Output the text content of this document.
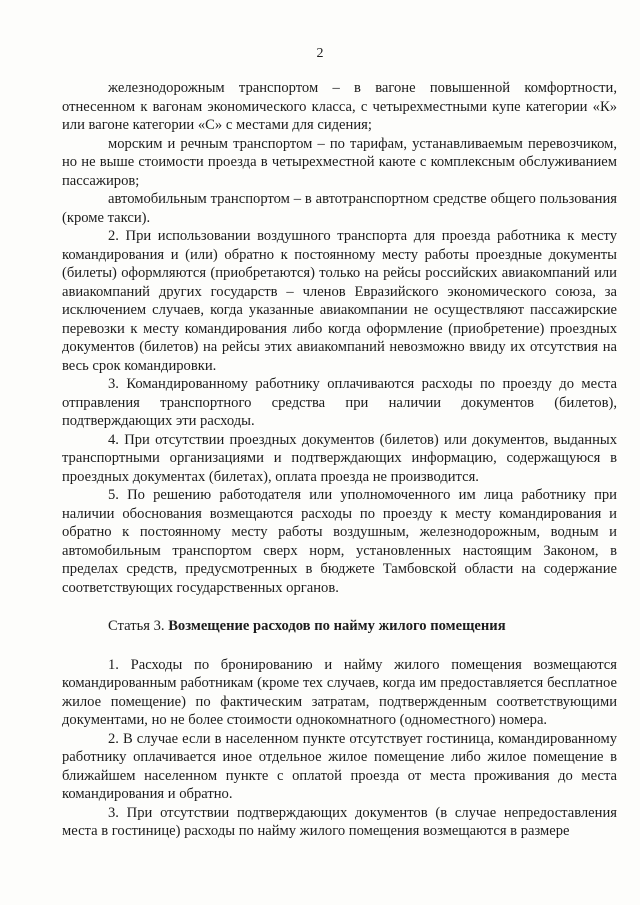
2

железнодорожным транспортом – в вагоне повышенной комфортности, отнесенном к вагонам экономического класса, с четырехместными купе категории «К» или вагоне категории «С» с местами для сидения;

морским и речным транспортом – по тарифам, устанавливаемым перевозчиком, но не выше стоимости проезда в четырехместной каюте с комплексным обслуживанием пассажиров;

автомобильным транспортом – в автотранспортном средстве общего пользования (кроме такси).

2. При использовании воздушного транспорта для проезда работника к месту командирования и (или) обратно к постоянному месту работы проездные документы (билеты) оформляются (приобретаются) только на рейсы российских авиакомпаний или авиакомпаний других государств – членов Евразийского экономического союза, за исключением случаев, когда указанные авиакомпании не осуществляют пассажирские перевозки к месту командирования либо когда оформление (приобретение) проездных документов (билетов) на рейсы этих авиакомпаний невозможно ввиду их отсутствия на весь срок командировки.

3. Командированному работнику оплачиваются расходы по проезду до места отправления транспортного средства при наличии документов (билетов), подтверждающих эти расходы.

4. При отсутствии проездных документов (билетов) или документов, выданных транспортными организациями и подтверждающих информацию, содержащуюся в проездных документах (билетах), оплата проезда не производится.

5. По решению работодателя или уполномоченного им лица работнику при наличии обоснования возмещаются расходы по проезду к месту командирования и обратно к постоянному месту работы воздушным, железнодорожным, водным и автомобильным транспортом сверх норм, установленных настоящим Законом, в пределах средств, предусмотренных в бюджете Тамбовской области на содержание соответствующих государственных органов.

Статья 3. Возмещение расходов по найму жилого помещения

1. Расходы по бронированию и найму жилого помещения возмещаются командированным работникам (кроме тех случаев, когда им предоставляется бесплатное жилое помещение) по фактическим затратам, подтвержденным соответствующими документами, но не более стоимости однокомнатного (одноместного) номера.

2. В случае если в населенном пункте отсутствует гостиница, командированному работнику оплачивается иное отдельное жилое помещение либо жилое помещение в ближайшем населенном пункте с оплатой проезда от места проживания до места командирования и обратно.

3. При отсутствии подтверждающих документов (в случае непредоставления места в гостинице) расходы по найму жилого помещения возмещаются в размере
